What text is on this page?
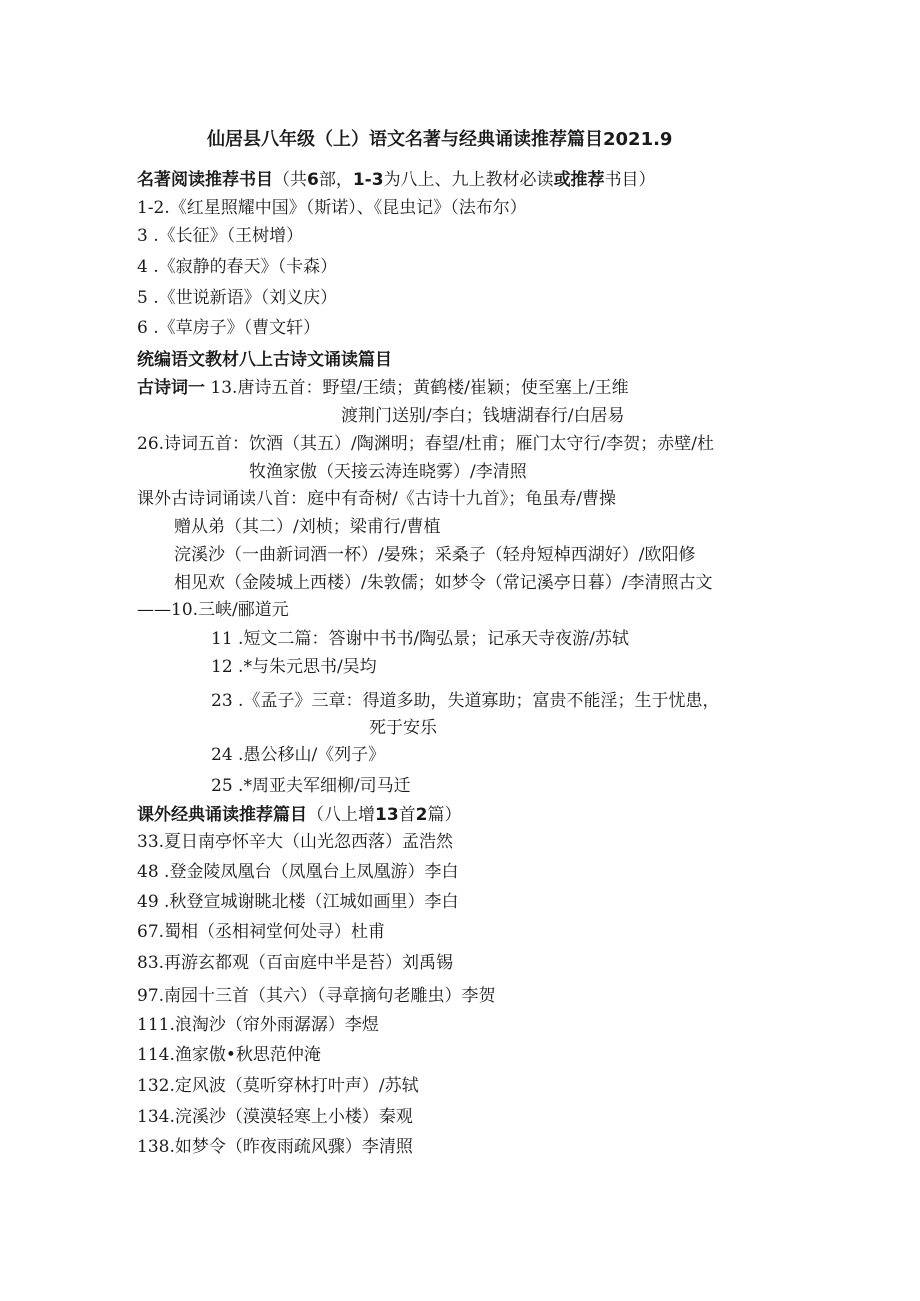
仙居县八年级（上）语文名著与经典诵读推荐篇目2021.9
名著阅读推荐书目（共6部，1-3为八上、九上教材必读或推荐书目）
1-2.《红星照耀中国》（斯诺）、《昆虫记》（法布尔）
3 .《长征》（王树增）
4 .《寂静的春天》（卡森）
5 .《世说新语》（刘义庆）
6 .《草房子》（曹文轩）
统编语文教材八上古诗文诵读篇目
古诗词一 13.唐诗五首：野望/王绩；黄鹤楼/崔颖；使至塞上/王维
渡荆门送别/李白；钱塘湖春行/白居易
26.诗词五首：饮酒（其五）/陶渊明；春望/杜甫；雁门太守行/李贺；赤壁/杜
牧渔家傲（天接云涛连晓雾）/李清照
课外古诗词诵读八首：庭中有奇树/《古诗十九首》；龟虽寿/曹操
赠从弟（其二）/刘桢；梁甫行/曹植
浣溪沙（一曲新词酒一杯）/晏殊；采桑子（轻舟短棹西湖好）/欧阳修
相见欢（金陵城上西楼）/朱敦儒；如梦令（常记溪亭日暮）/李清照古文
——10.三峡/郦道元
11 .短文二篇：答谢中书书/陶弘景；记承天寺夜游/苏轼
12 .*与朱元思书/吴均
23 .《孟子》三章：得道多助，失道寡助；富贵不能淫；生于忧患，
死于安乐
24 .愚公移山/《列子》
25 .*周亚夫军细柳/司马迁
课外经典诵读推荐篇目（八上增13首2篇）
33.夏日南亭怀辛大（山光忽西落）孟浩然
48 .登金陵凤凰台（凤凰台上凤凰游）李白
49 .秋登宣城谢眺北楼（江城如画里）李白
67.蜀相（丞相祠堂何处寻）杜甫
83.再游玄都观（百亩庭中半是苔）刘禹锡
97.南园十三首（其六）（寻章摘句老雕虫）李贺
111.浪淘沙（帘外雨潺潺）李煜
114.渔家傲•秋思范仲淹
132.定风波（莫听穿林打叶声）/苏轼
134.浣溪沙（漠漠轻寒上小楼）秦观
138.如梦令（昨夜雨疏风骤）李清照
